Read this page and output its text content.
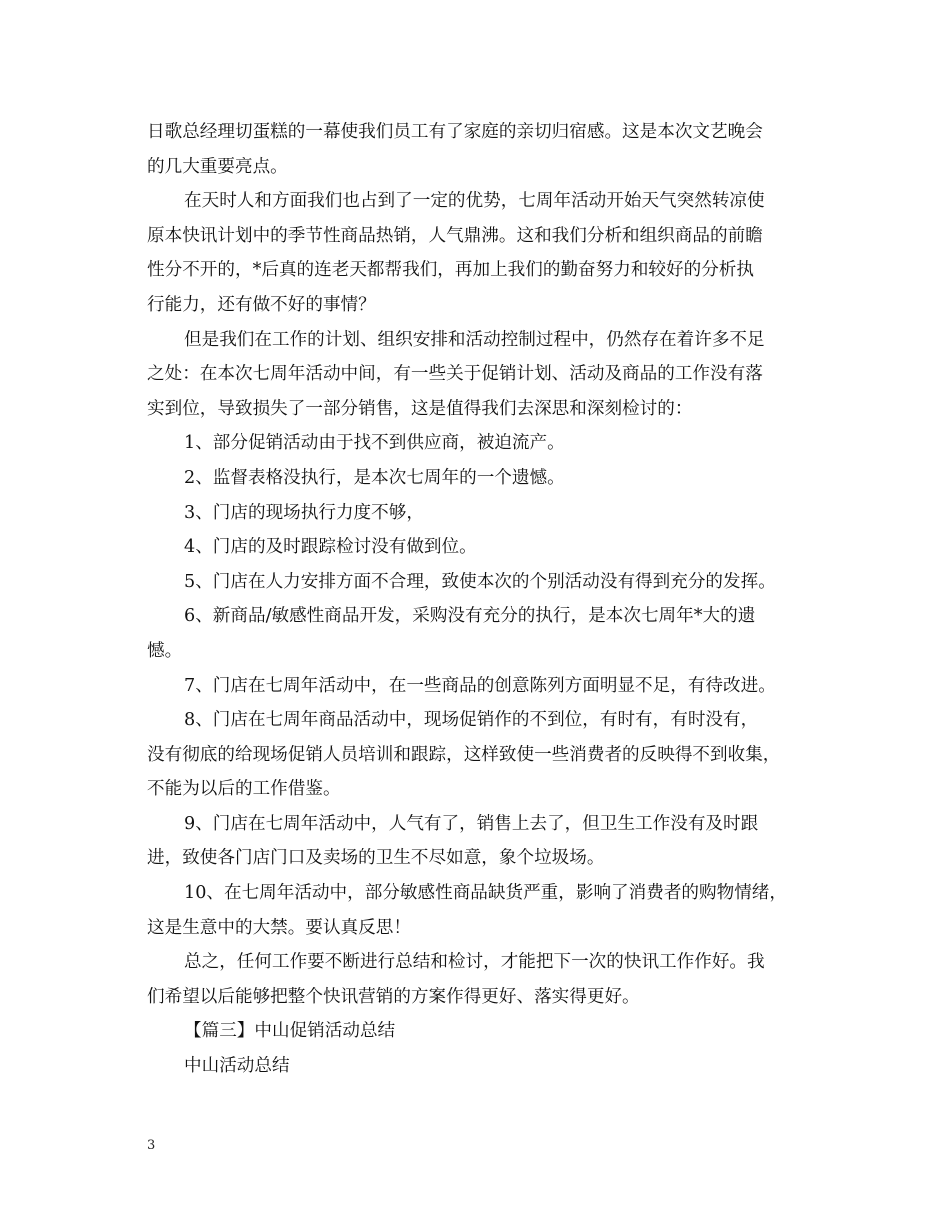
日歌总经理切蛋糕的一幕使我们员工有了家庭的亲切归宿感。这是本次文艺晚会
的几大重要亮点。
在天时人和方面我们也占到了一定的优势，七周年活动开始天气突然转凉使
原本快讯计划中的季节性商品热销，人气鼎沸。这和我们分析和组织商品的前瞻
性分不开的，*后真的连老天都帮我们，再加上我们的勤奋努力和较好的分析执
行能力，还有做不好的事情？
但是我们在工作的计划、组织安排和活动控制过程中，仍然存在着许多不足
之处：在本次七周年活动中间，有一些关于促销计划、活动及商品的工作没有落
实到位，导致损失了一部分销售，这是值得我们去深思和深刻检讨的：
1、部分促销活动由于找不到供应商，被迫流产。
2、监督表格没执行，是本次七周年的一个遗憾。
3、门店的现场执行力度不够，
4、门店的及时跟踪检讨没有做到位。
5、门店在人力安排方面不合理，致使本次的个别活动没有得到充分的发挥。
6、新商品/敏感性商品开发，采购没有充分的执行，是本次七周年*大的遗
憾。
7、门店在七周年活动中，在一些商品的创意陈列方面明显不足，有待改进。
8、门店在七周年商品活动中，现场促销作的不到位，有时有，有时没有，
没有彻底的给现场促销人员培训和跟踪，这样致使一些消费者的反映得不到收集，
不能为以后的工作借鉴。
9、门店在七周年活动中，人气有了，销售上去了，但卫生工作没有及时跟
进，致使各门店门口及卖场的卫生不尽如意，象个垃圾场。
10、在七周年活动中，部分敏感性商品缺货严重，影响了消费者的购物情绪，
这是生意中的大禁。要认真反思！
总之，任何工作要不断进行总结和检讨，才能把下一次的快讯工作作好。我
们希望以后能够把整个快讯营销的方案作得更好、落实得更好。
【篇三】中山促销活动总结
中山活动总结
3
